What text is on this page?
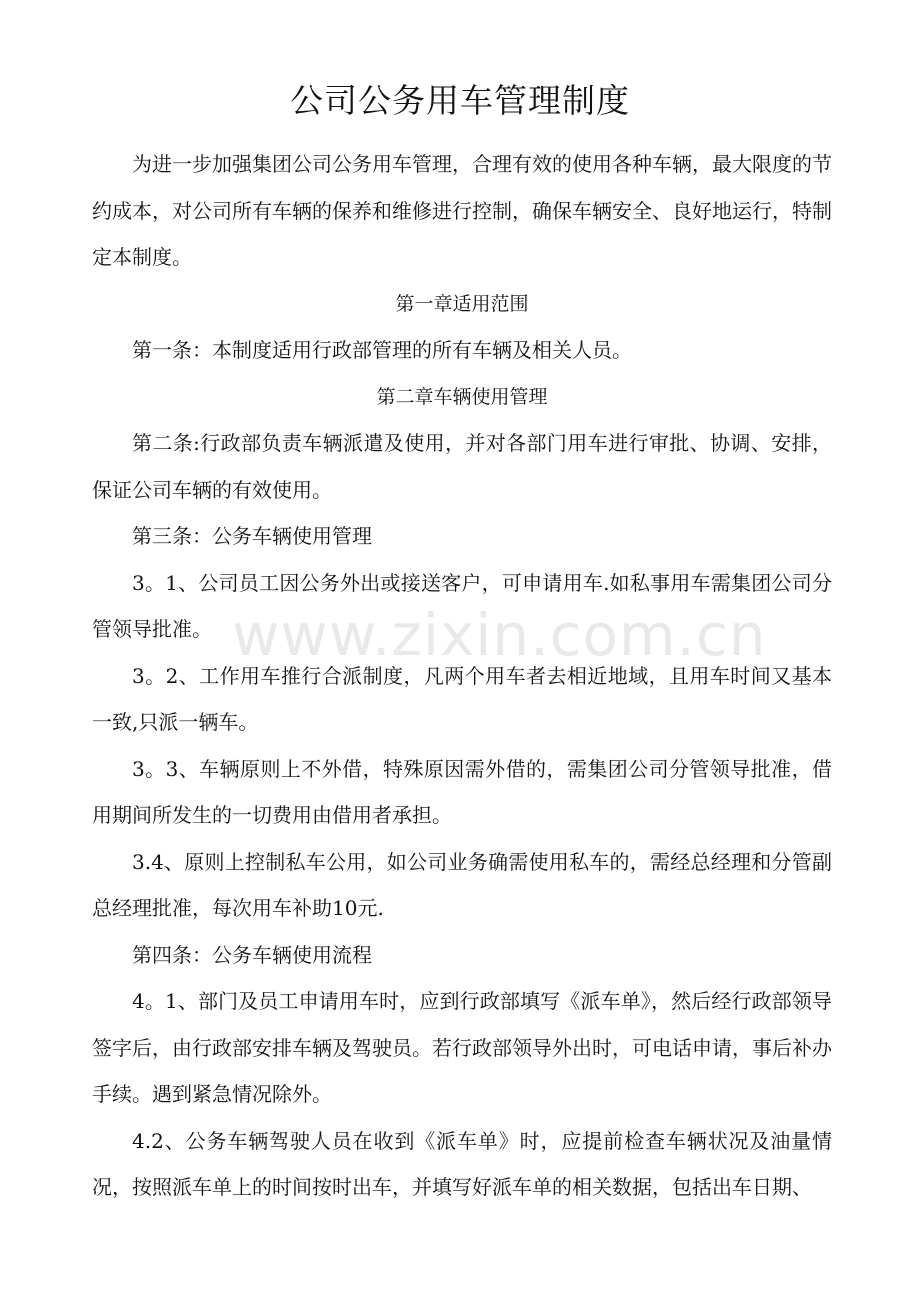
公司公务用车管理制度

为进一步加强集团公司公务用车管理，合理有效的使用各种车辆，最大限度的节约成本，对公司所有车辆的保养和维修进行控制，确保车辆安全、良好地运行，特制定本制度。

第一章适用范围

第一条：本制度适用行政部管理的所有车辆及相关人员。

第二章车辆使用管理

第二条:行政部负责车辆派遣及使用，并对各部门用车进行审批、协调、安排，保证公司车辆的有效使用。

第三条：公务车辆使用管理

3。1、公司员工因公务外出或接送客户，可申请用车.如私事用车需集团公司分管领导批准。

3。2、工作用车推行合派制度，凡两个用车者去相近地域，且用车时间又基本一致,只派一辆车。

3。3、车辆原则上不外借，特殊原因需外借的，需集团公司分管领导批准，借用期间所发生的一切费用由借用者承担。

3.4、原则上控制私车公用，如公司业务确需使用私车的，需经总经理和分管副总经理批准，每次用车补助10元.

第四条：公务车辆使用流程

4。1、部门及员工申请用车时，应到行政部填写《派车单》，然后经行政部领导签字后，由行政部安排车辆及驾驶员。若行政部领导外出时，可电话申请，事后补办手续。遇到紧急情况除外。

4.2、公务车辆驾驶人员在收到《派车单》时，应提前检查车辆状况及油量情况，按照派车单上的时间按时出车，并填写好派车单的相关数据，包括出车日期、

www.zixin.com.cn
